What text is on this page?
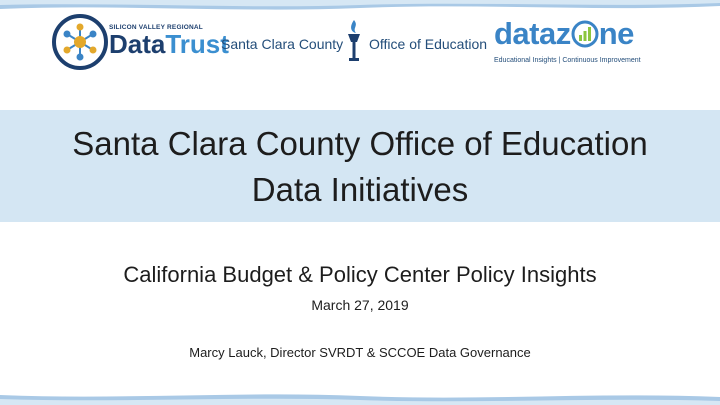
SILICON VALLEY REGIONAL
DataTrust
Santa Clara County Office of Education dataz ne
Educational Insights | Continuous Improvement
Santa Clara County Office of Education
Data Initiatives
California Budget & Policy Center Policy Insights
March 27, 2019
Marcy Lauck, Director SVRDT & SCCOE Data Governance
